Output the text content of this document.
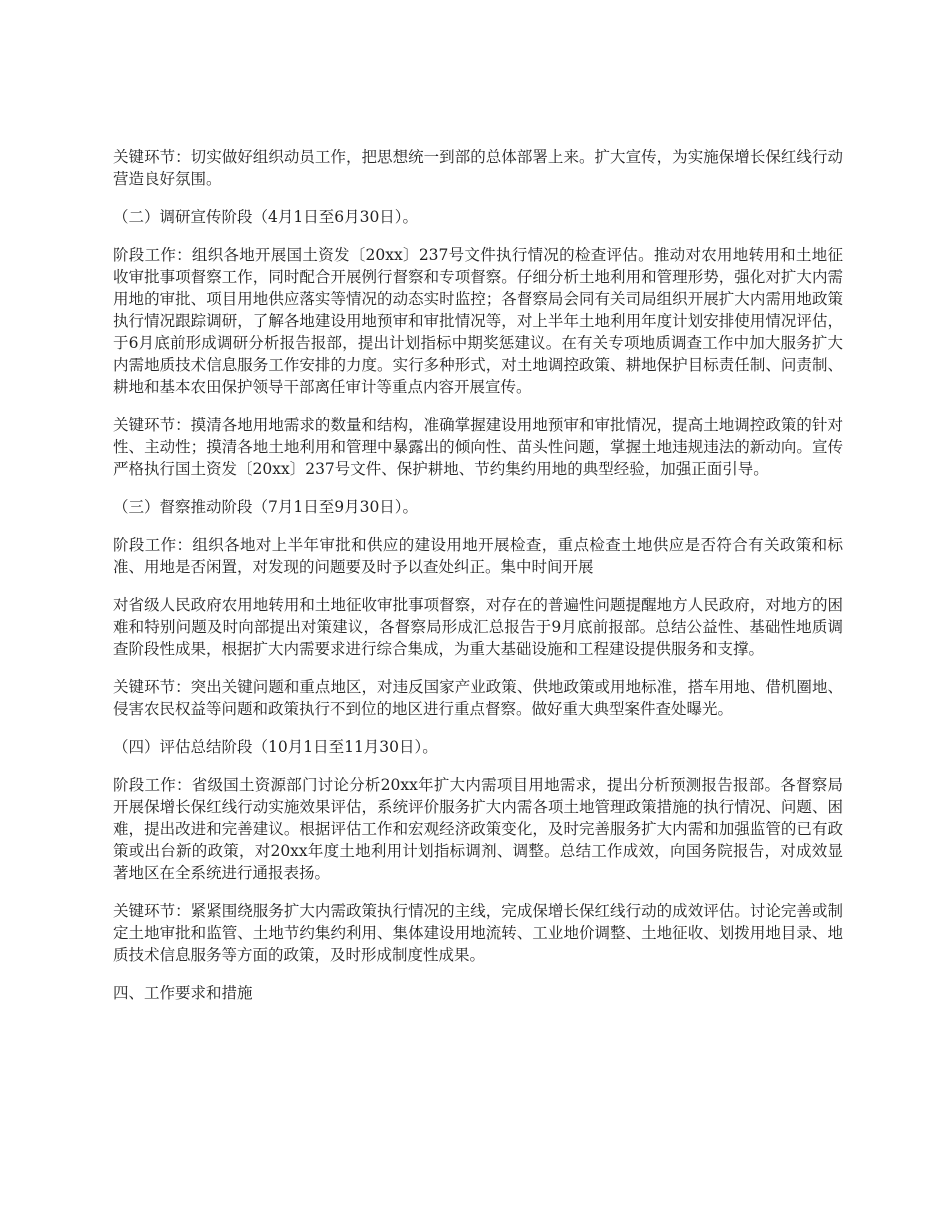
关键环节：切实做好组织动员工作，把思想统一到部的总体部署上来。扩大宣传，为实施保增长保红线行动营造良好氛围。

（二）调研宣传阶段（4月1日至6月30日）。

阶段工作：组织各地开展国土资发〔20xx〕237号文件执行情况的检查评估。推动对农用地转用和土地征收审批事项督察工作，同时配合开展例行督察和专项督察。仔细分析土地利用和管理形势，强化对扩大内需用地的审批、项目用地供应落实等情况的动态实时监控；各督察局会同有关司局组织开展扩大内需用地政策执行情况跟踪调研，了解各地建设用地预审和审批情况等，对上半年土地利用年度计划安排使用情况评估，于6月底前形成调研分析报告报部，提出计划指标中期奖惩建议。在有关专项地质调查工作中加大服务扩大内需地质技术信息服务工作安排的力度。实行多种形式，对土地调控政策、耕地保护目标责任制、问责制、耕地和基本农田保护领导干部离任审计等重点内容开展宣传。

关键环节：摸清各地用地需求的数量和结构，准确掌握建设用地预审和审批情况，提高土地调控政策的针对性、主动性；摸清各地土地利用和管理中暴露出的倾向性、苗头性问题，掌握土地违规违法的新动向。宣传严格执行国土资发〔20xx〕237号文件、保护耕地、节约集约用地的典型经验，加强正面引导。

（三）督察推动阶段（7月1日至9月30日）。

阶段工作：组织各地对上半年审批和供应的建设用地开展检查，重点检查土地供应是否符合有关政策和标准、用地是否闲置，对发现的问题要及时予以查处纠正。集中时间开展

对省级人民政府农用地转用和土地征收审批事项督察，对存在的普遍性问题提醒地方人民政府，对地方的困难和特别问题及时向部提出对策建议，各督察局形成汇总报告于9月底前报部。总结公益性、基础性地质调查阶段性成果，根据扩大内需要求进行综合集成，为重大基础设施和工程建设提供服务和支撑。

关键环节：突出关键问题和重点地区，对违反国家产业政策、供地政策或用地标准，搭车用地、借机圈地、侵害农民权益等问题和政策执行不到位的地区进行重点督察。做好重大典型案件查处曝光。

（四）评估总结阶段（10月1日至11月30日）。

阶段工作：省级国土资源部门讨论分析20xx年扩大内需项目用地需求，提出分析预测报告报部。各督察局开展保增长保红线行动实施效果评估，系统评价服务扩大内需各项土地管理政策措施的执行情况、问题、困难，提出改进和完善建议。根据评估工作和宏观经济政策变化，及时完善服务扩大内需和加强监管的已有政策或出台新的政策，对20xx年度土地利用计划指标调剂、调整。总结工作成效，向国务院报告，对成效显著地区在全系统进行通报表扬。

关键环节：紧紧围绕服务扩大内需政策执行情况的主线，完成保增长保红线行动的成效评估。讨论完善或制定土地审批和监管、土地节约集约利用、集体建设用地流转、工业地价调整、土地征收、划拨用地目录、地质技术信息服务等方面的政策，及时形成制度性成果。

四、工作要求和措施
